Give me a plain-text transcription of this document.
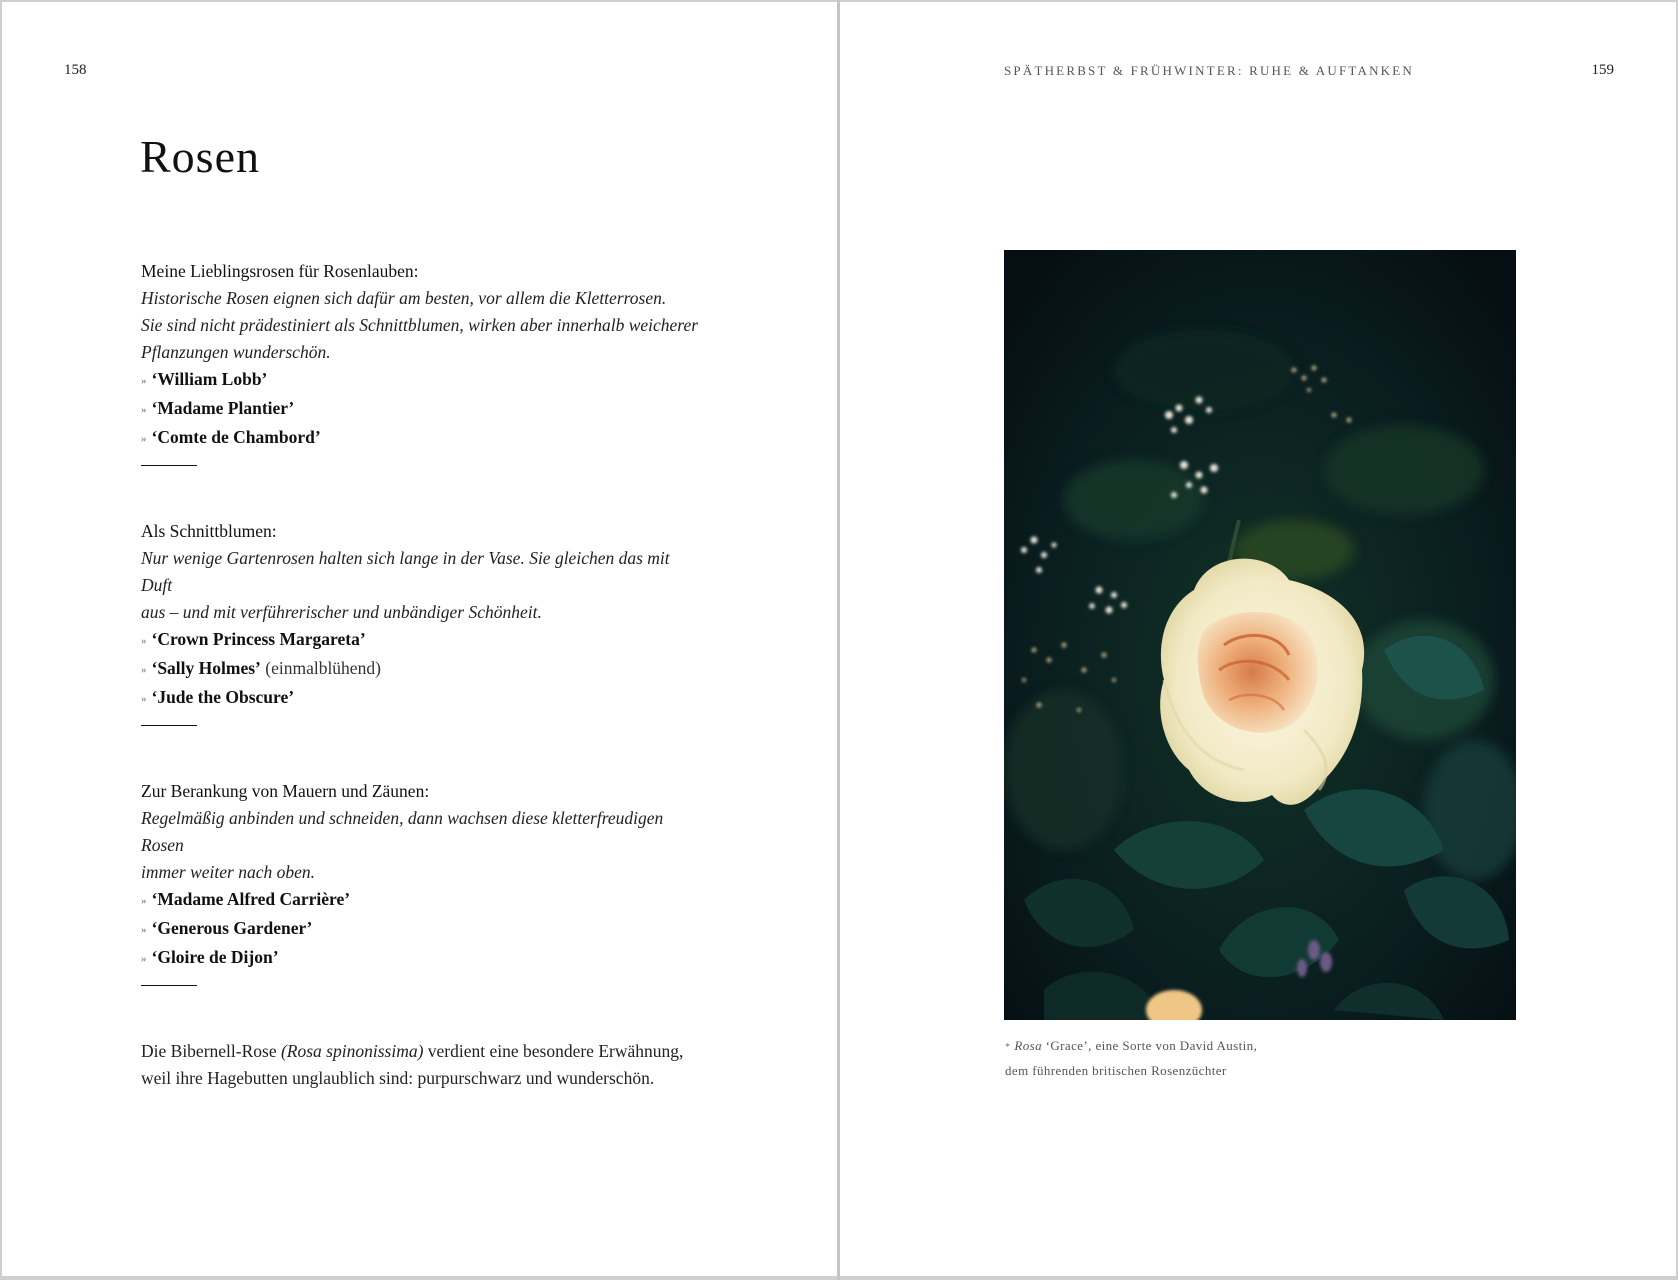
158
Rosen
Meine Lieblingsrosen für Rosenlauben:
Historische Rosen eignen sich dafür am besten, vor allem die Kletterrosen.
Sie sind nicht prädestiniert als Schnittblumen, wirken aber innerhalb weicherer
Pflanzungen wunderschön.
» ‘William Lobb’
» ‘Madame Plantier’
» ‘Comte de Chambord’
Als Schnittblumen:
Nur wenige Gartenrosen halten sich lange in der Vase. Sie gleichen das mit Duft
aus – und mit verführerischer und unbändiger Schönheit.
» ‘Crown Princess Margareta’
» ‘Sally Holmes’ (einmalblühend)
» ‘Jude the Obscure’
Zur Berankung von Mauern und Zäunen:
Regelmäßig anbinden und schneiden, dann wachsen diese kletterfreudigen Rosen
immer weiter nach oben.
» ‘Madame Alfred Carrière’
» ‘Generous Gardener’
» ‘Gloire de Dijon’
Die Bibernell-Rose (Rosa spinonissima) verdient eine besondere Erwähnung,
weil ihre Hagebutten unglaublich sind: purpurschwarz und wunderschön.
SPÄTHERBST & FRÜHWINTER: RUHE & AUFTANKEN	159
* Rosa ‘Grace’, eine Sorte von David Austin,
dem führenden britischen Rosenzüchter
